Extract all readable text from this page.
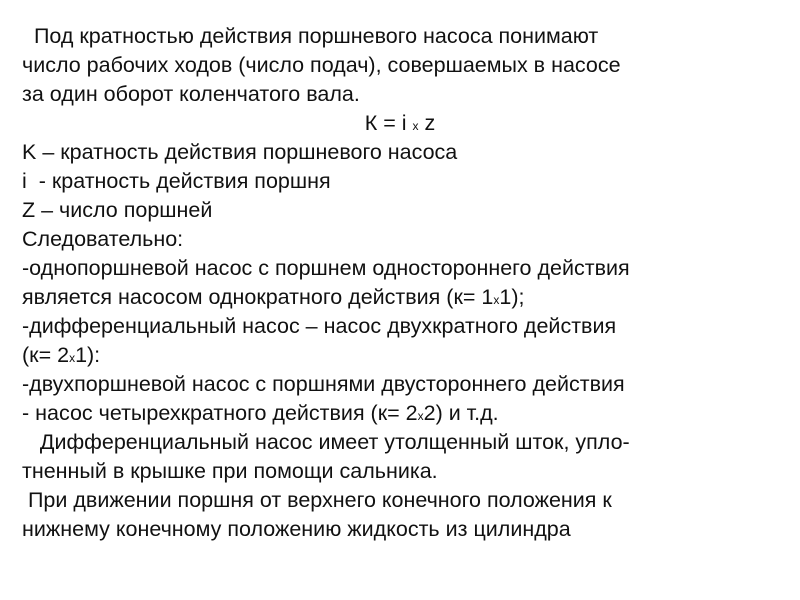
Под кратностью действия поршневого насоса понимают
число рабочих ходов (число подач), совершаемых в насосе
за один оборот коленчатого вала.
К = i x z
K – кратность действия поршневого насоса
i  - кратность действия поршня
Z – число поршней
Следовательно:
-однопоршневой насос с поршнем одностороннего действия
является насосом однократного действия (к= 1x1);
-дифференциальный насос – насос двухкратного действия
(к= 2x1):
-двухпоршневой насос с поршнями двустороннего действия
- насос четырехкратного действия (к= 2x2) и т.д.
Дифференциальный насос имеет утолщенный шток, упло-
тненный в крышке при помощи сальника.
При движении поршня от верхнего конечного положения к
нижнему конечному положению жидкость из цилиндра
